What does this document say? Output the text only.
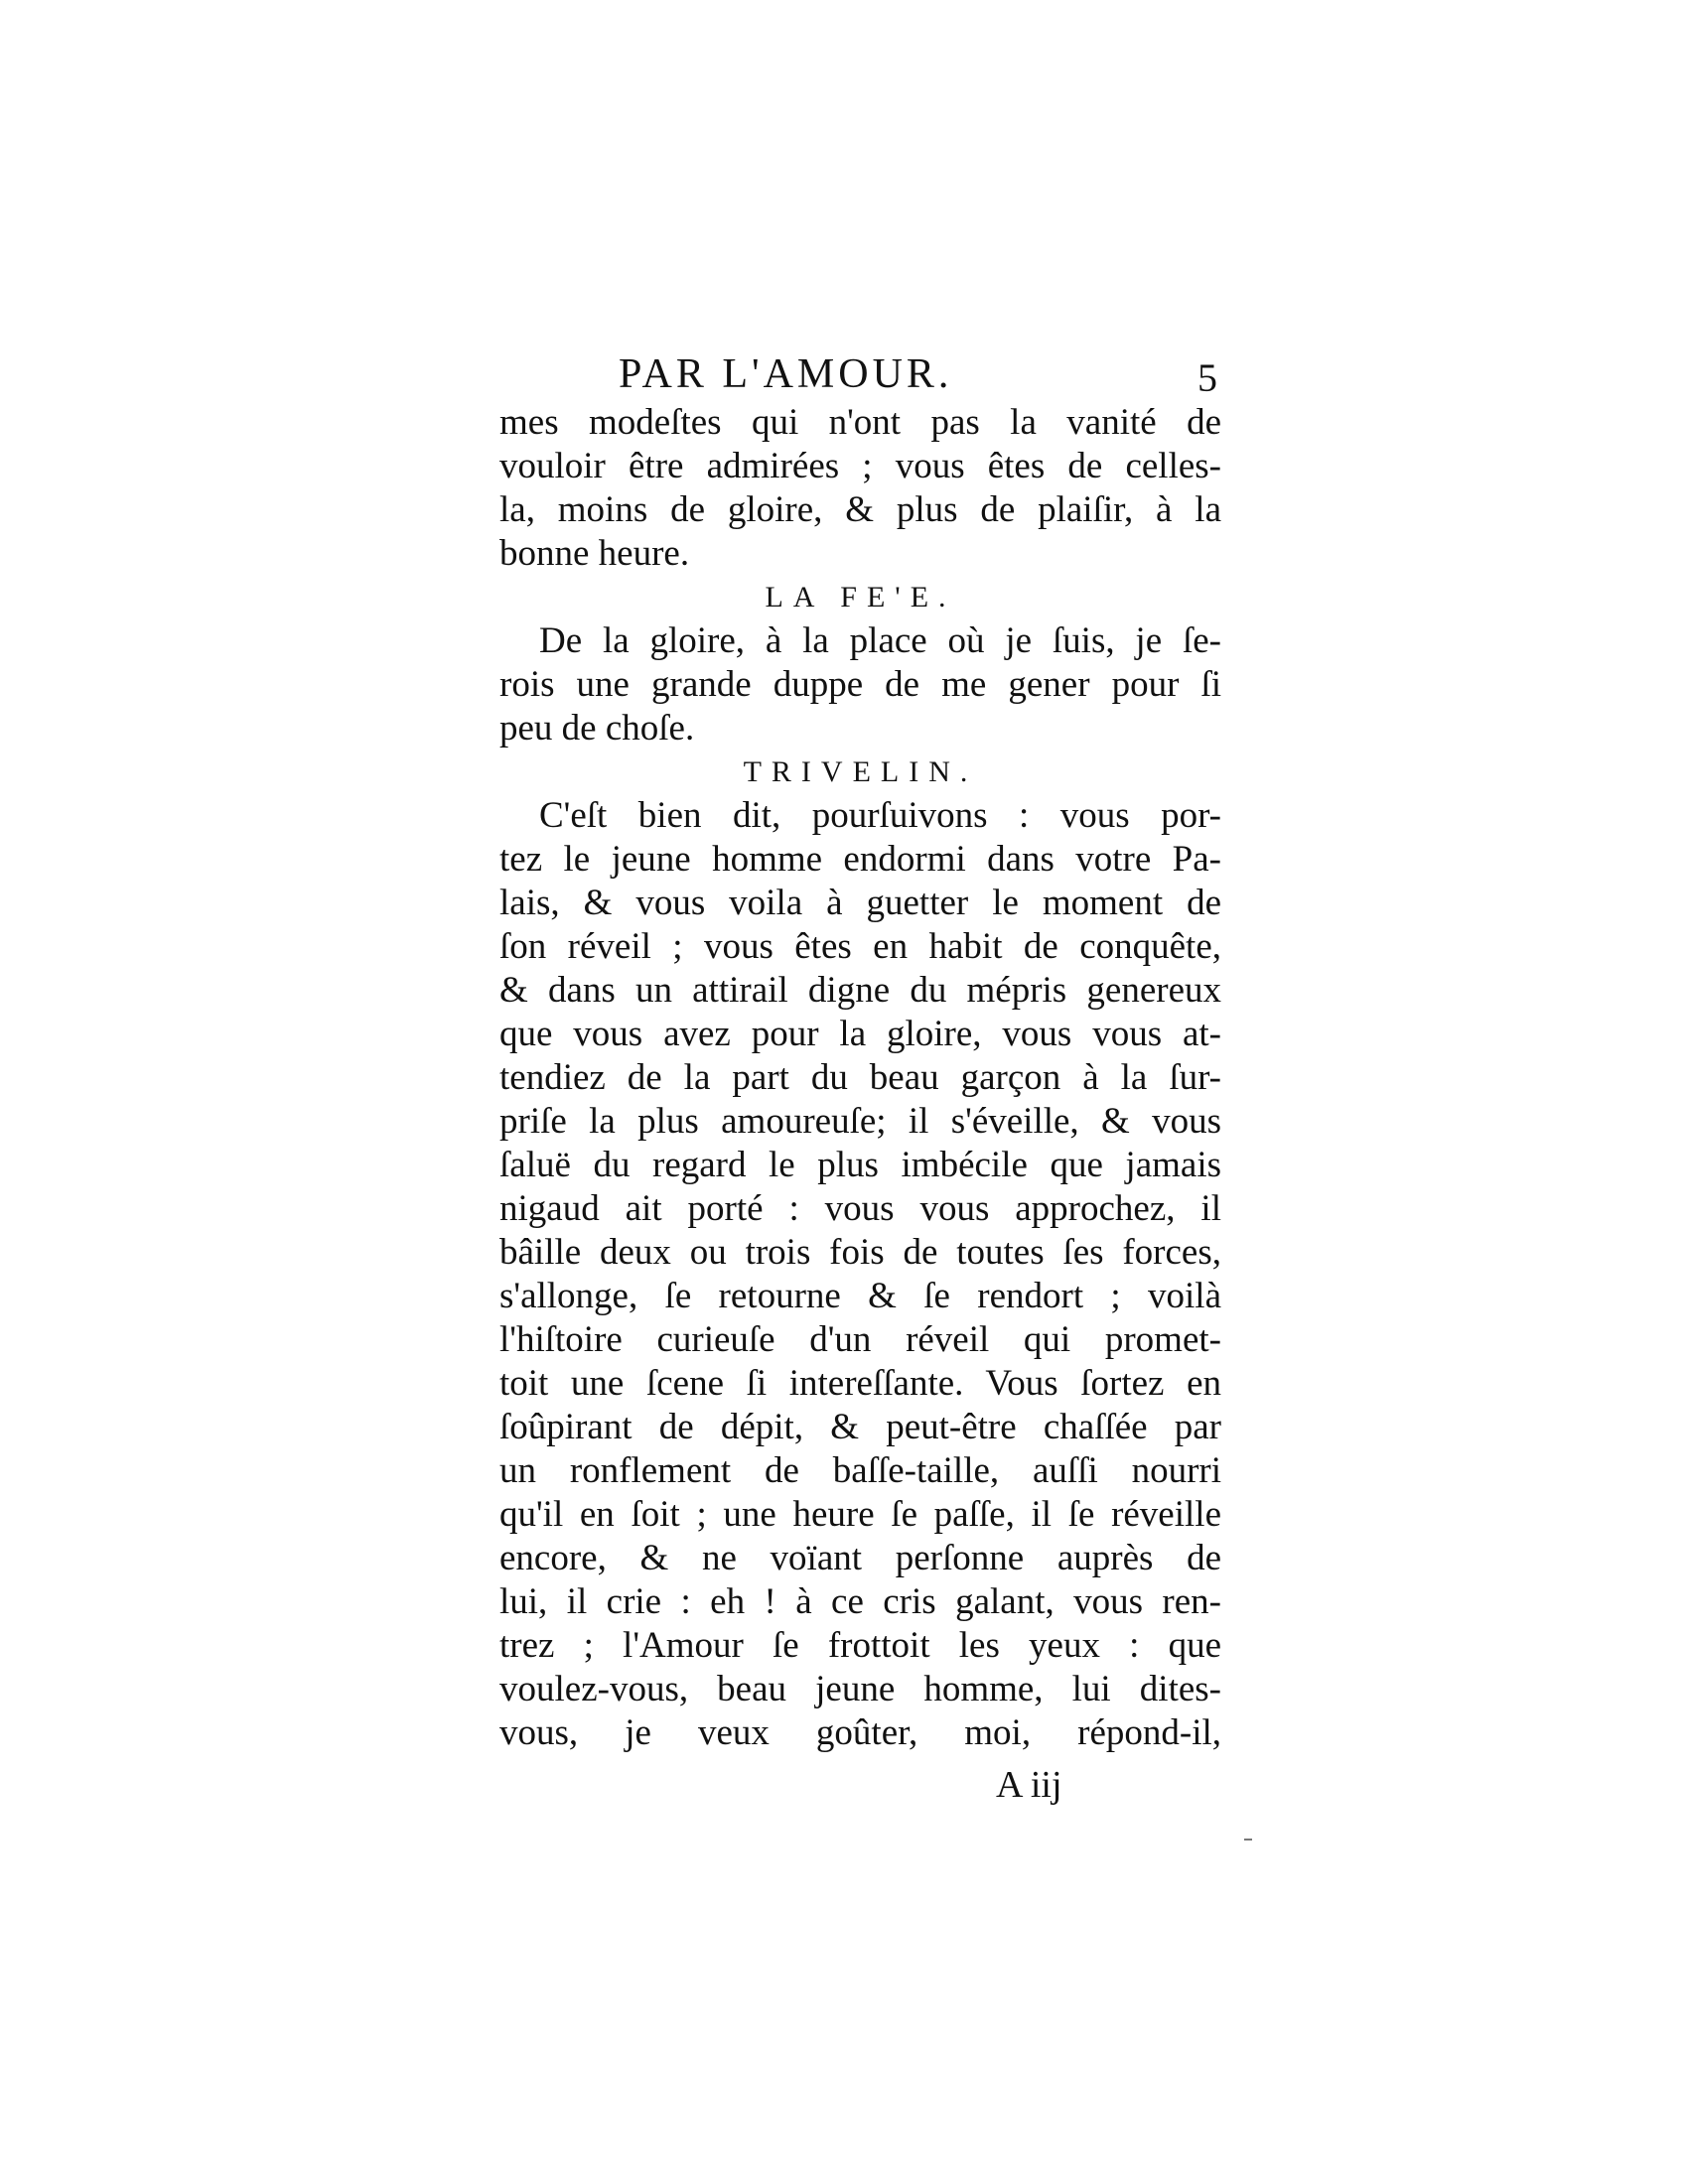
PAR L'AMOUR.	5
mes modeſtes qui n'ont pas la vanité de
vouloir être admirées ; vous êtes de celles-
la, moins de gloire, & plus de plaiſir, à la
bonne heure.
LA FE'E.
De la gloire, à la place où je ſuis, je ſe-
rois une grande duppe de me gener pour ſi
peu de choſe.
TRIVELIN.
C'eſt bien dit, pourſuivons : vous por-
tez le jeune homme endormi dans votre Pa-
lais, & vous voila à guetter le moment de
ſon réveil ; vous êtes en habit de conquête,
& dans un attirail digne du mépris genereux
que vous avez pour la gloire, vous vous at-
tendiez de la part du beau garçon à la ſur-
priſe la plus amoureuſe; il s'éveille, & vous
ſaluë du regard le plus imbécile que jamais
nigaud ait porté : vous vous approchez, il
bâille deux ou trois fois de toutes ſes forces,
s'allonge, ſe retourne & ſe rendort ; voilà
l'hiſtoire curieuſe d'un réveil qui promet-
toit une ſcene ſi intereſſante. Vous ſortez en
ſoûpirant de dépit, & peut-être chaſſée par
un ronflement de baſſe-taille, auſſi nourri
qu'il en ſoit ; une heure ſe paſſe, il ſe réveille
encore, & ne voïant perſonne auprès de
lui, il crie : eh ! à ce cris galant, vous ren-
trez ; l'Amour ſe frottoit les yeux : que
voulez-vous, beau jeune homme, lui dites-
vous, je veux goûter, moi, répond-il,
A iij
